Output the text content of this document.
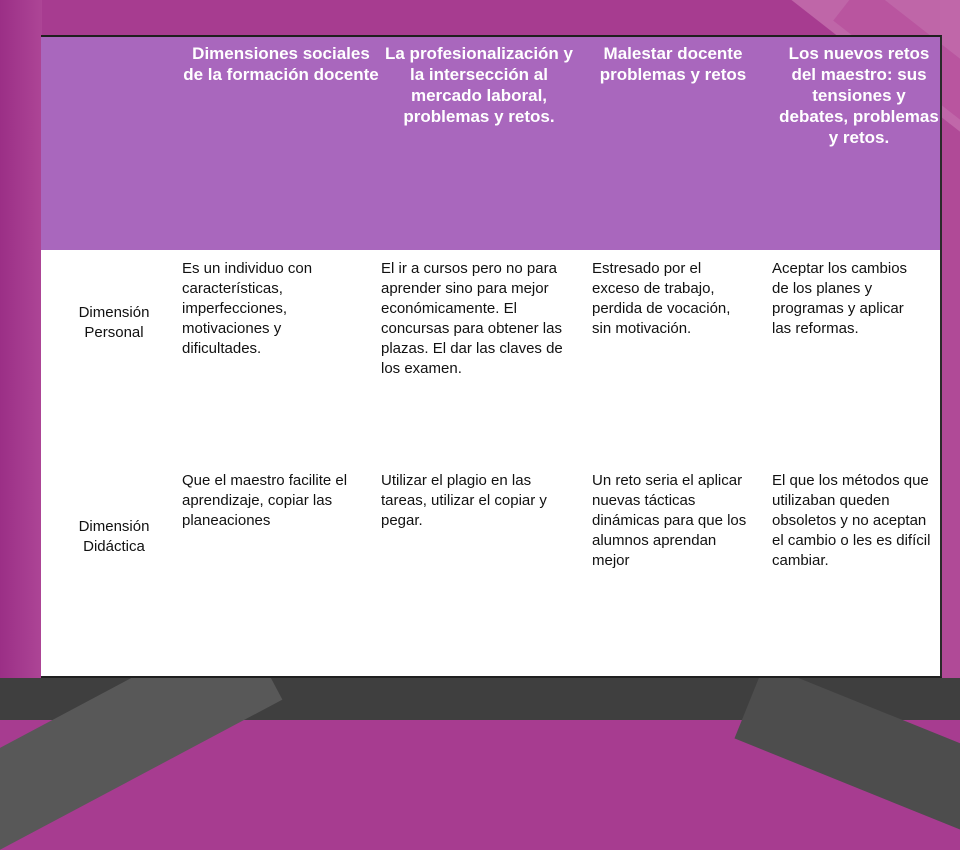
Dimensiones sociales de la formación docente
La profesionalización y la intersección al mercado laboral, problemas y retos.
Malestar docente problemas y retos
Los nuevos retos del maestro: sus tensiones y debates, problemas y retos.
Dimensión Personal
Es un individuo con características, imperfecciones, motivaciones y dificultades.
El ir a cursos pero no para aprender sino para mejor económicamente. El concursas para obtener las plazas. El dar las claves de los examen.
Estresado por el exceso de trabajo, perdida de vocación, sin motivación.
Aceptar los cambios de los planes y programas y aplicar las reformas.
Dimensión Didáctica
Que el maestro facilite el aprendizaje, copiar las planeaciones
Utilizar el plagio en las tareas, utilizar el copiar y pegar.
Un reto seria el aplicar nuevas tácticas dinámicas para que los alumnos aprendan mejor
El que los métodos que utilizaban queden obsoletos y no aceptan el cambio o les es difícil cambiar.
